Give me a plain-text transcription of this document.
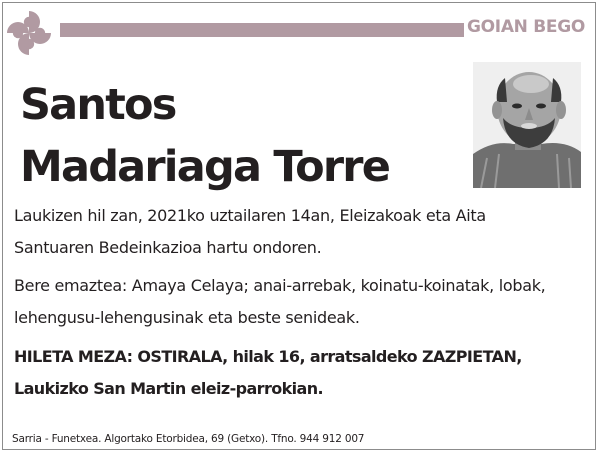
GOIAN BEGO
Santos
Madariaga Torre
Laukizen hil zan, 2021ko uztailaren 14an, Eleizakoak eta Aita
Santuaren Bedeinkazioa hartu ondoren.
Bere emaztea: Amaya Celaya; anai-arrebak, koinatu-koinatak, lobak,
lehengusu-lehengusinak eta beste senideak.
HILETA MEZA: OSTIRALA, hilak 16, arratsaldeko ZAZPIETAN,
Laukizko San Martin eleiz-parrokian.
Sarria - Funetxea. Algortako Etorbidea, 69 (Getxo). Tfno. 944 912 007
